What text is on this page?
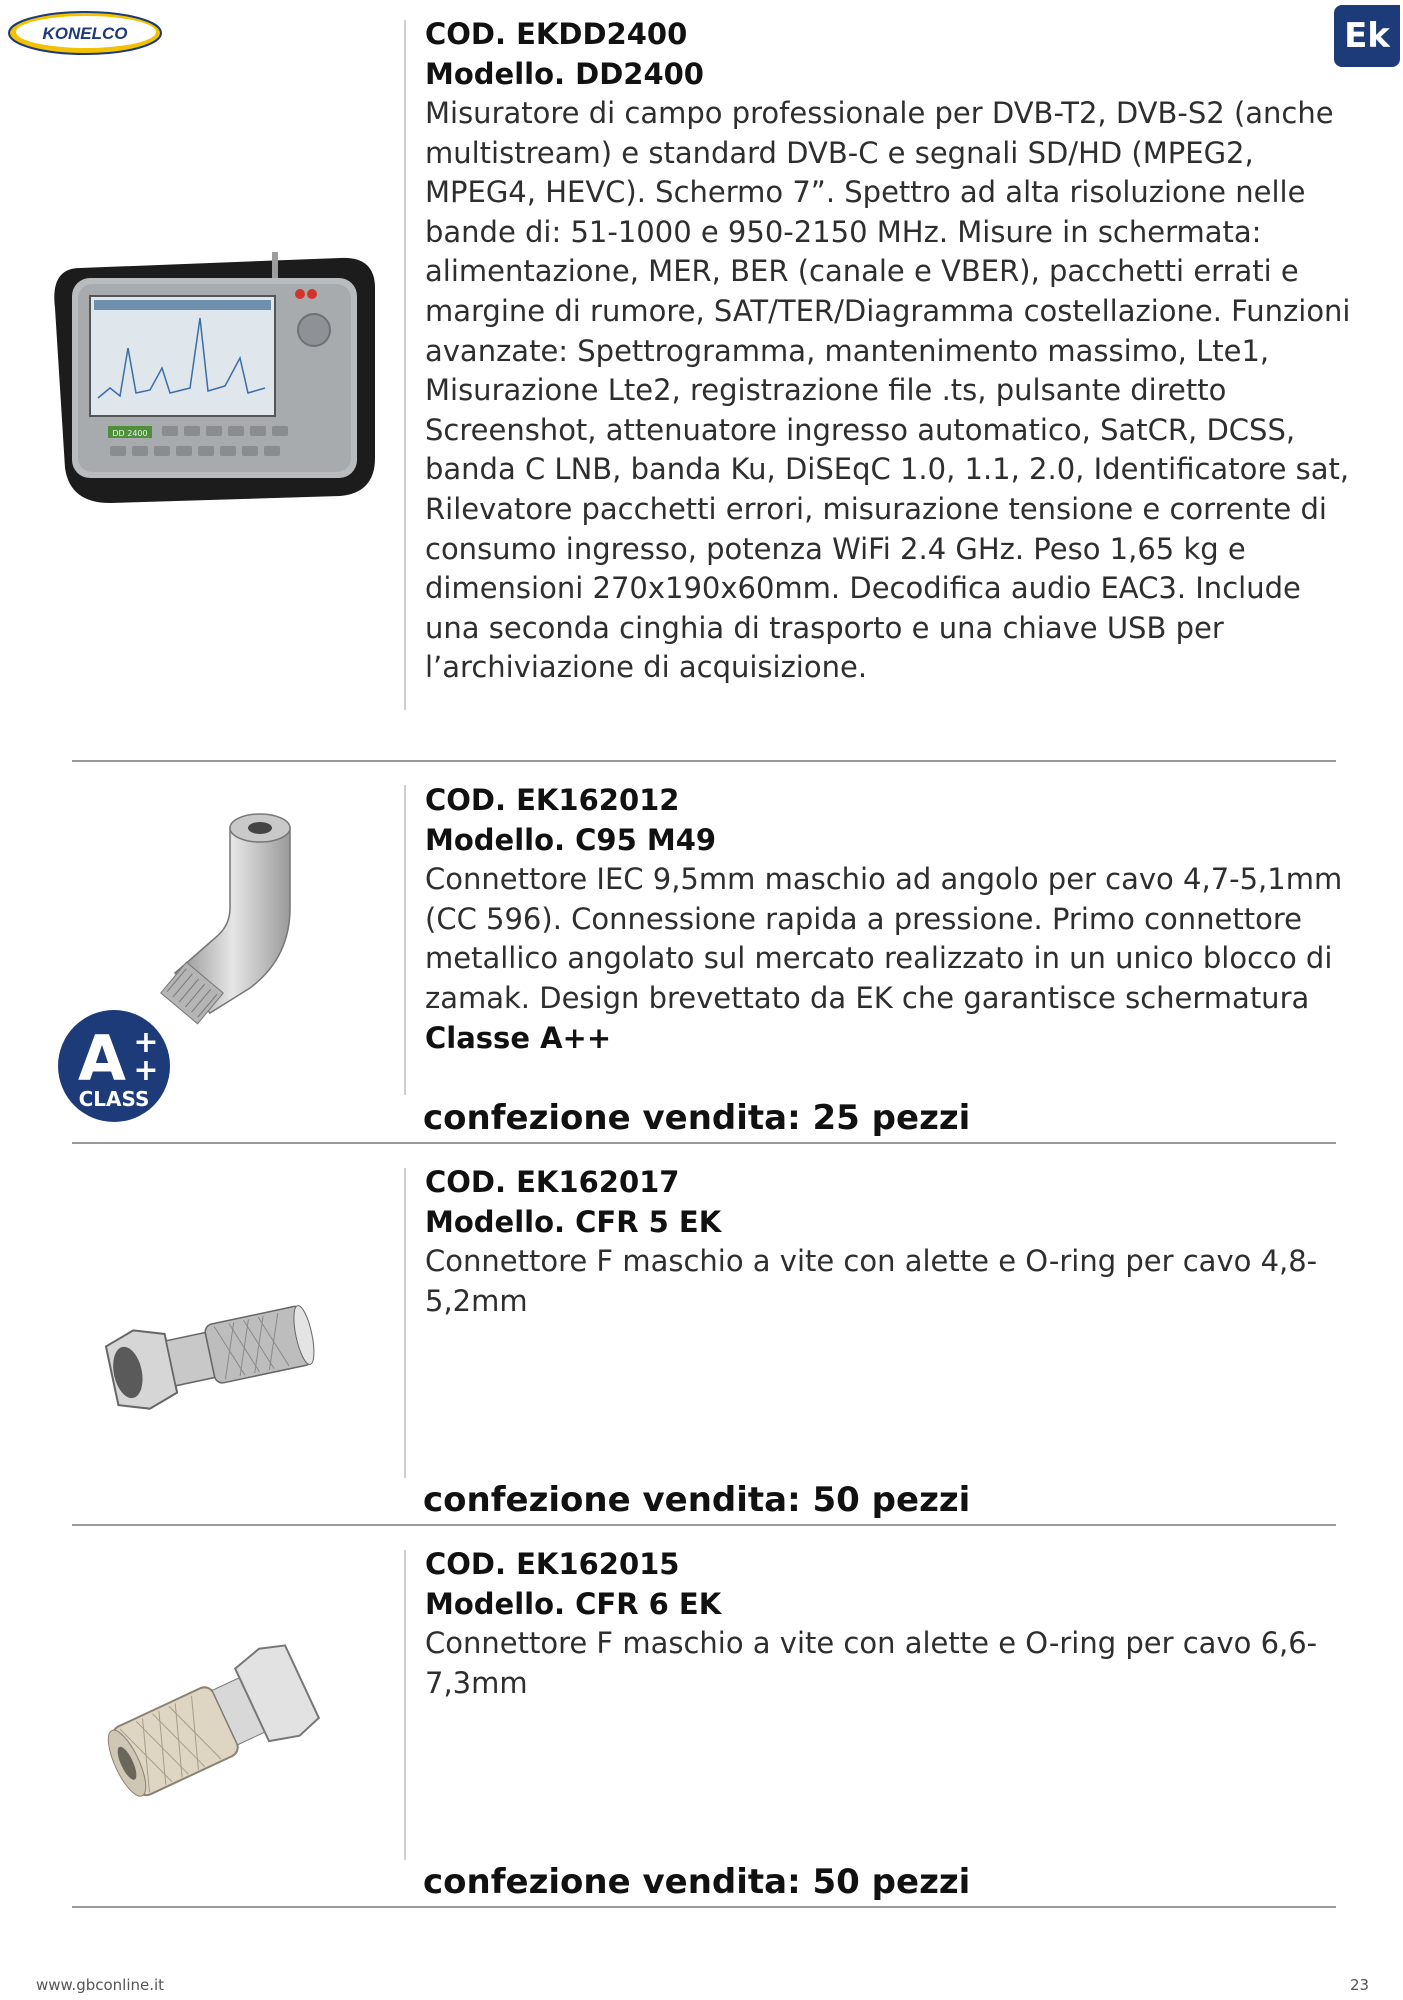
KONELCO	Ek
DD 2400
COD. EKDD2400
Modello. DD2400

Misuratore di campo professionale per DVB-T2, DVB-S2 (anche multistream) e standard DVB-C e segnali SD/HD (MPEG2, MPEG4, HEVC). Schermo 7”. Spettro ad alta risoluzione nelle bande di: 51-1000 e 950-2150 MHz. Misure in schermata: alimentazione, MER, BER (canale e VBER), pacchetti errati e margine di rumore, SAT/TER/Diagramma costellazione. Funzioni avanzate: Spettrogramma, mantenimento massimo, Lte1, Misurazione Lte2, registrazione file .ts, pulsante diretto Screenshot, attenuatore ingresso automatico, SatCR, DCSS, banda C LNB, banda Ku, DiSEqC 1.0, 1.1, 2.0, Identificatore sat, Rilevatore pacchetti errori, misurazione tensione e corrente di consumo ingresso, potenza WiFi 2.4 GHz. Peso 1,65 kg e dimensioni 270x190x60mm. Decodifica audio EAC3. Include una seconda cinghia di trasporto e una chiave USB per l’archiviazione di acquisizione.

A +
+
CLASS
COD. EK162012
Modello. C95 M49

Connettore IEC 9,5mm maschio ad angolo per cavo 4,7-5,1mm (CC 596). Connessione rapida a pressione. Primo connettore metallico angolato sul mercato realizzato in un unico blocco di zamak. Design brevettato da EK che garantisce schermatura

Classe A++
confezione vendita: 25 pezzi
COD. EK162017
Modello. CFR 5 EK

Connettore F maschio a vite con alette e O-ring per cavo 4,8-5,2mm

confezione vendita: 50 pezzi
COD. EK162015
Modello. CFR 6 EK

Connettore F maschio a vite con alette e O-ring per cavo 6,6-7,3mm

confezione vendita: 50 pezzi
www.gbconline.it	23
